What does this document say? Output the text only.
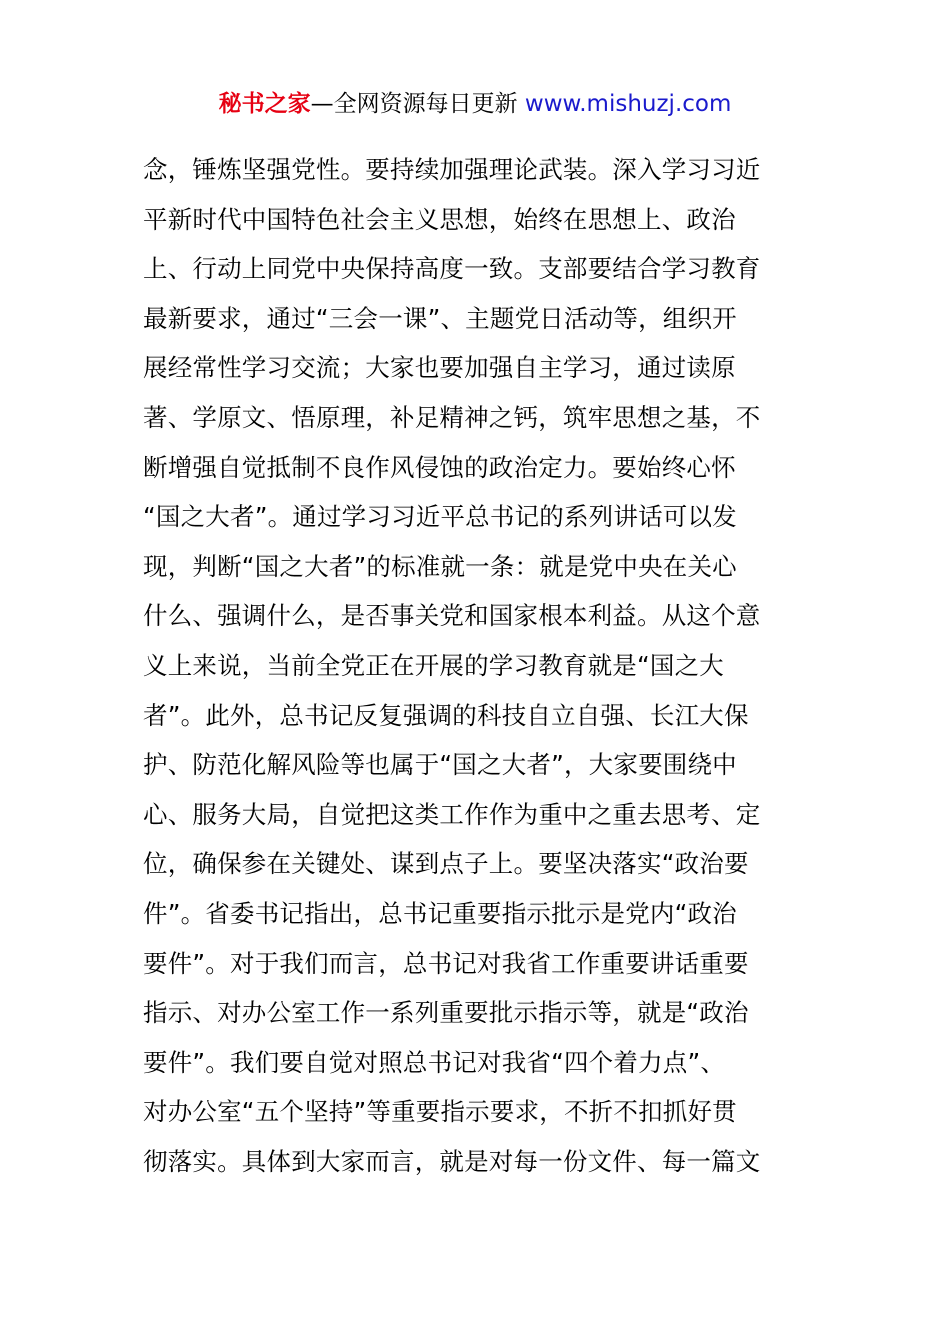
秘书之家—全网资源每日更新 www.mishuzj.com
念，锤炼坚强党性。要持续加强理论武装。深入学习习近
平新时代中国特色社会主义思想，始终在思想上、政治
上、行动上同党中央保持高度一致。支部要结合学习教育
最新要求，通过“三会一课”、主题党日活动等，组织开
展经常性学习交流；大家也要加强自主学习，通过读原
著、学原文、悟原理，补足精神之钙，筑牢思想之基，不
断增强自觉抵制不良作风侵蚀的政治定力。要始终心怀
“国之大者”。通过学习习近平总书记的系列讲话可以发
现，判断“国之大者”的标准就一条：就是党中央在关心
什么、强调什么，是否事关党和国家根本利益。从这个意
义上来说，当前全党正在开展的学习教育就是“国之大
者”。此外，总书记反复强调的科技自立自强、长江大保
护、防范化解风险等也属于“国之大者”，大家要围绕中
心、服务大局，自觉把这类工作作为重中之重去思考、定
位，确保参在关键处、谋到点子上。要坚决落实“政治要
件”。省委书记指出，总书记重要指示批示是党内“政治
要件”。对于我们而言，总书记对我省工作重要讲话重要
指示、对办公室工作一系列重要批示指示等，就是“政治
要件”。我们要自觉对照总书记对我省“四个着力点”、
对办公室“五个坚持”等重要指示要求，不折不扣抓好贯
彻落实。具体到大家而言，就是对每一份文件、每一篇文
